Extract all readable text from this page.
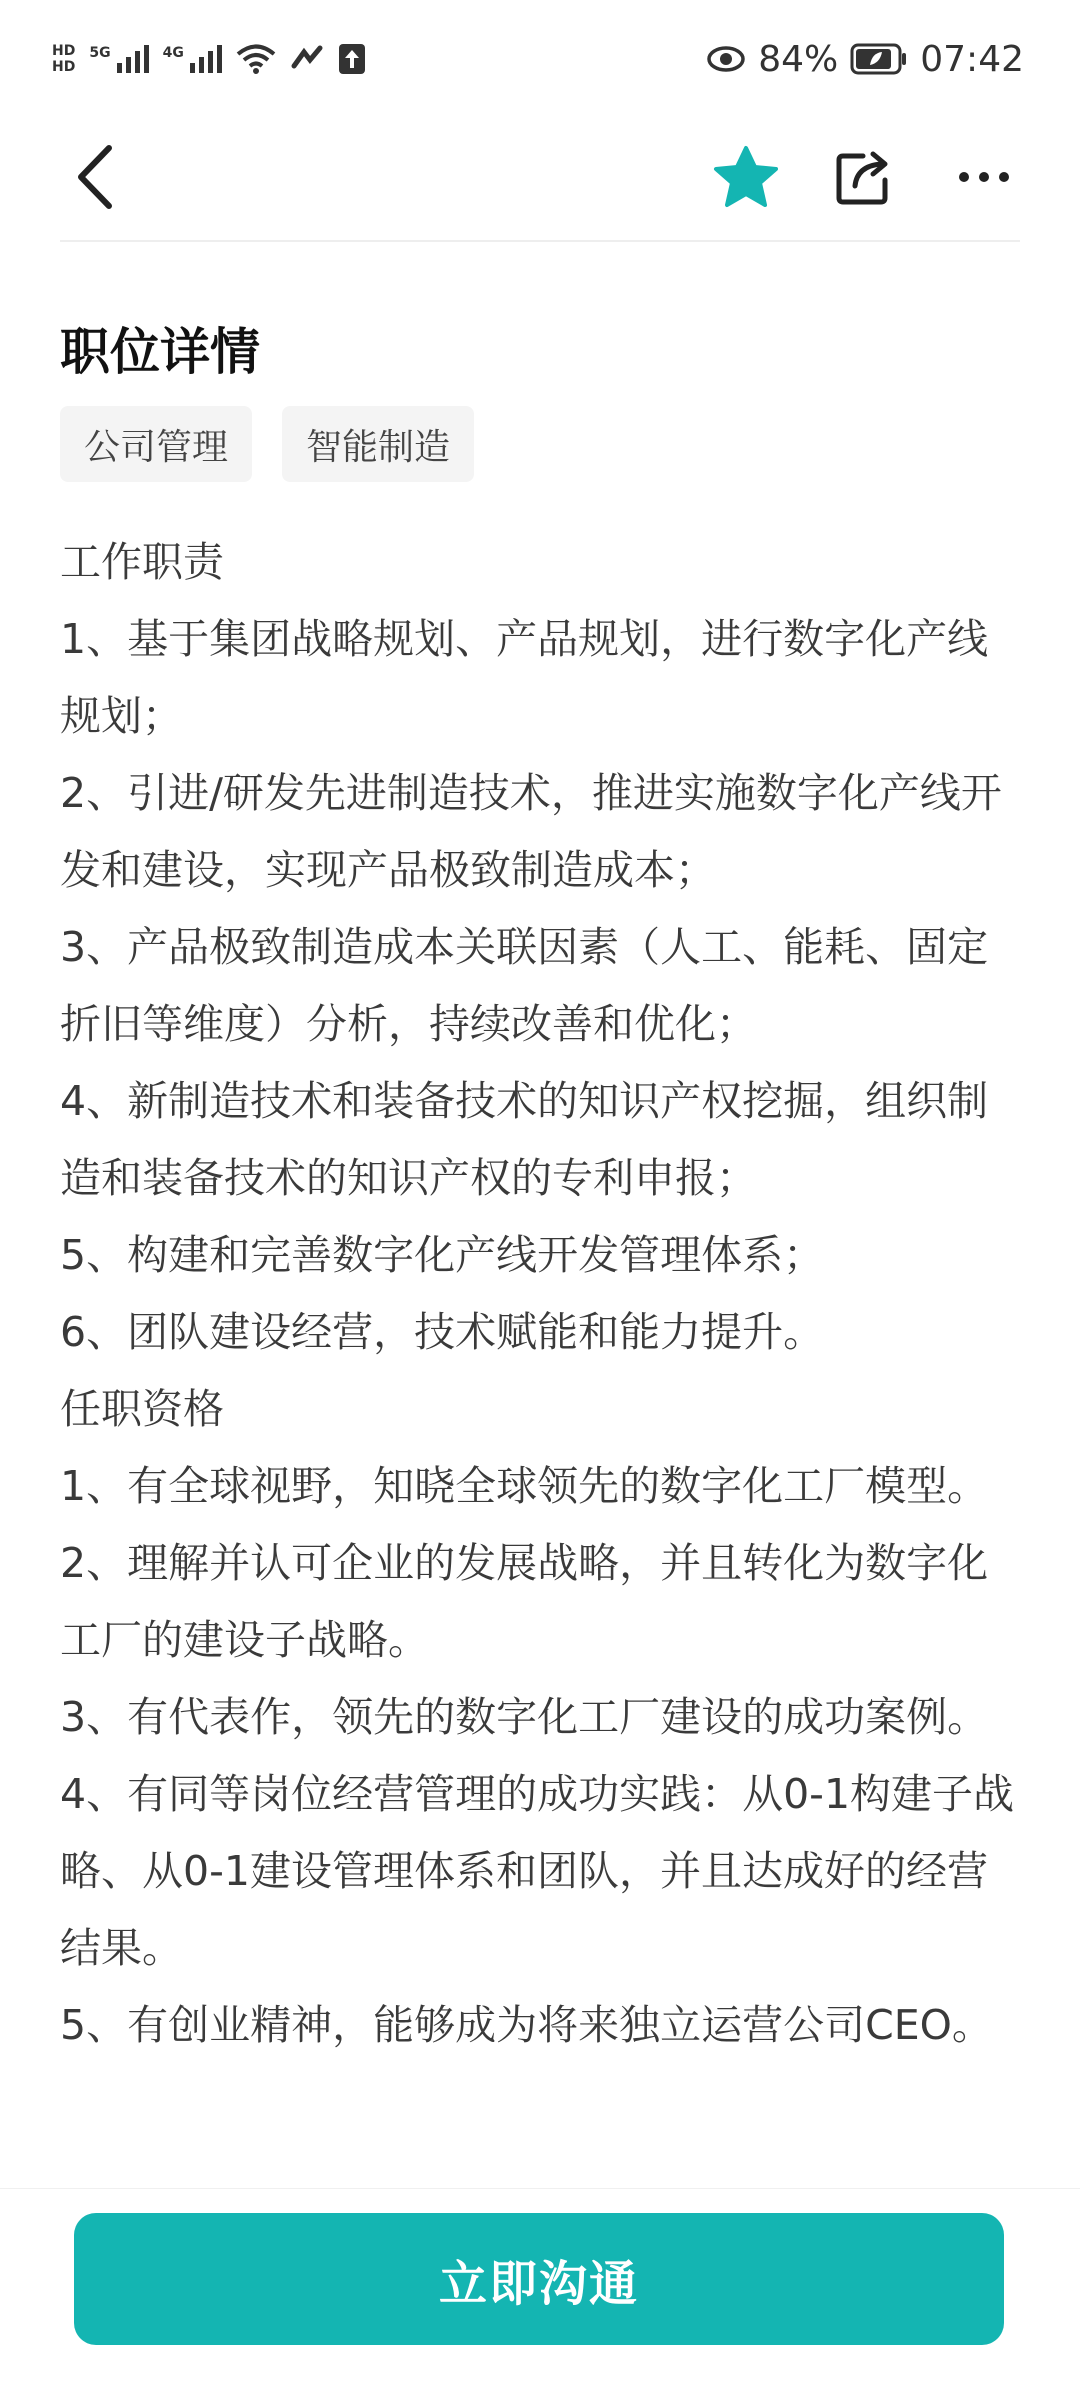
HD
HD
5G	4G	84% 07:42
职位详情
公司管理	智能制造

工作职责

1、基于集团战略规划、产品规划，进行数字化产线规划；

2、引进/研发先进制造技术，推进实施数字化产线开发和建设，实现产品极致制造成本；

3、产品极致制造成本关联因素（人工、能耗、固定折旧等维度）分析，持续改善和优化；

4、新制造技术和装备技术的知识产权挖掘，组织制造和装备技术的知识产权的专利申报；

5、构建和完善数字化产线开发管理体系；

6、团队建设经营，技术赋能和能力提升。

任职资格

1、有全球视野，知晓全球领先的数字化工厂模型。

2、理解并认可企业的发展战略，并且转化为数字化工厂的建设子战略。

3、有代表作，领先的数字化工厂建设的成功案例。

4、有同等岗位经营管理的成功实践：从0-1构建子战略、从0-1建设管理体系和团队，并且达成好的经营结果。

5、有创业精神，能够成为将来独立运营公司CEO。

立即沟通
